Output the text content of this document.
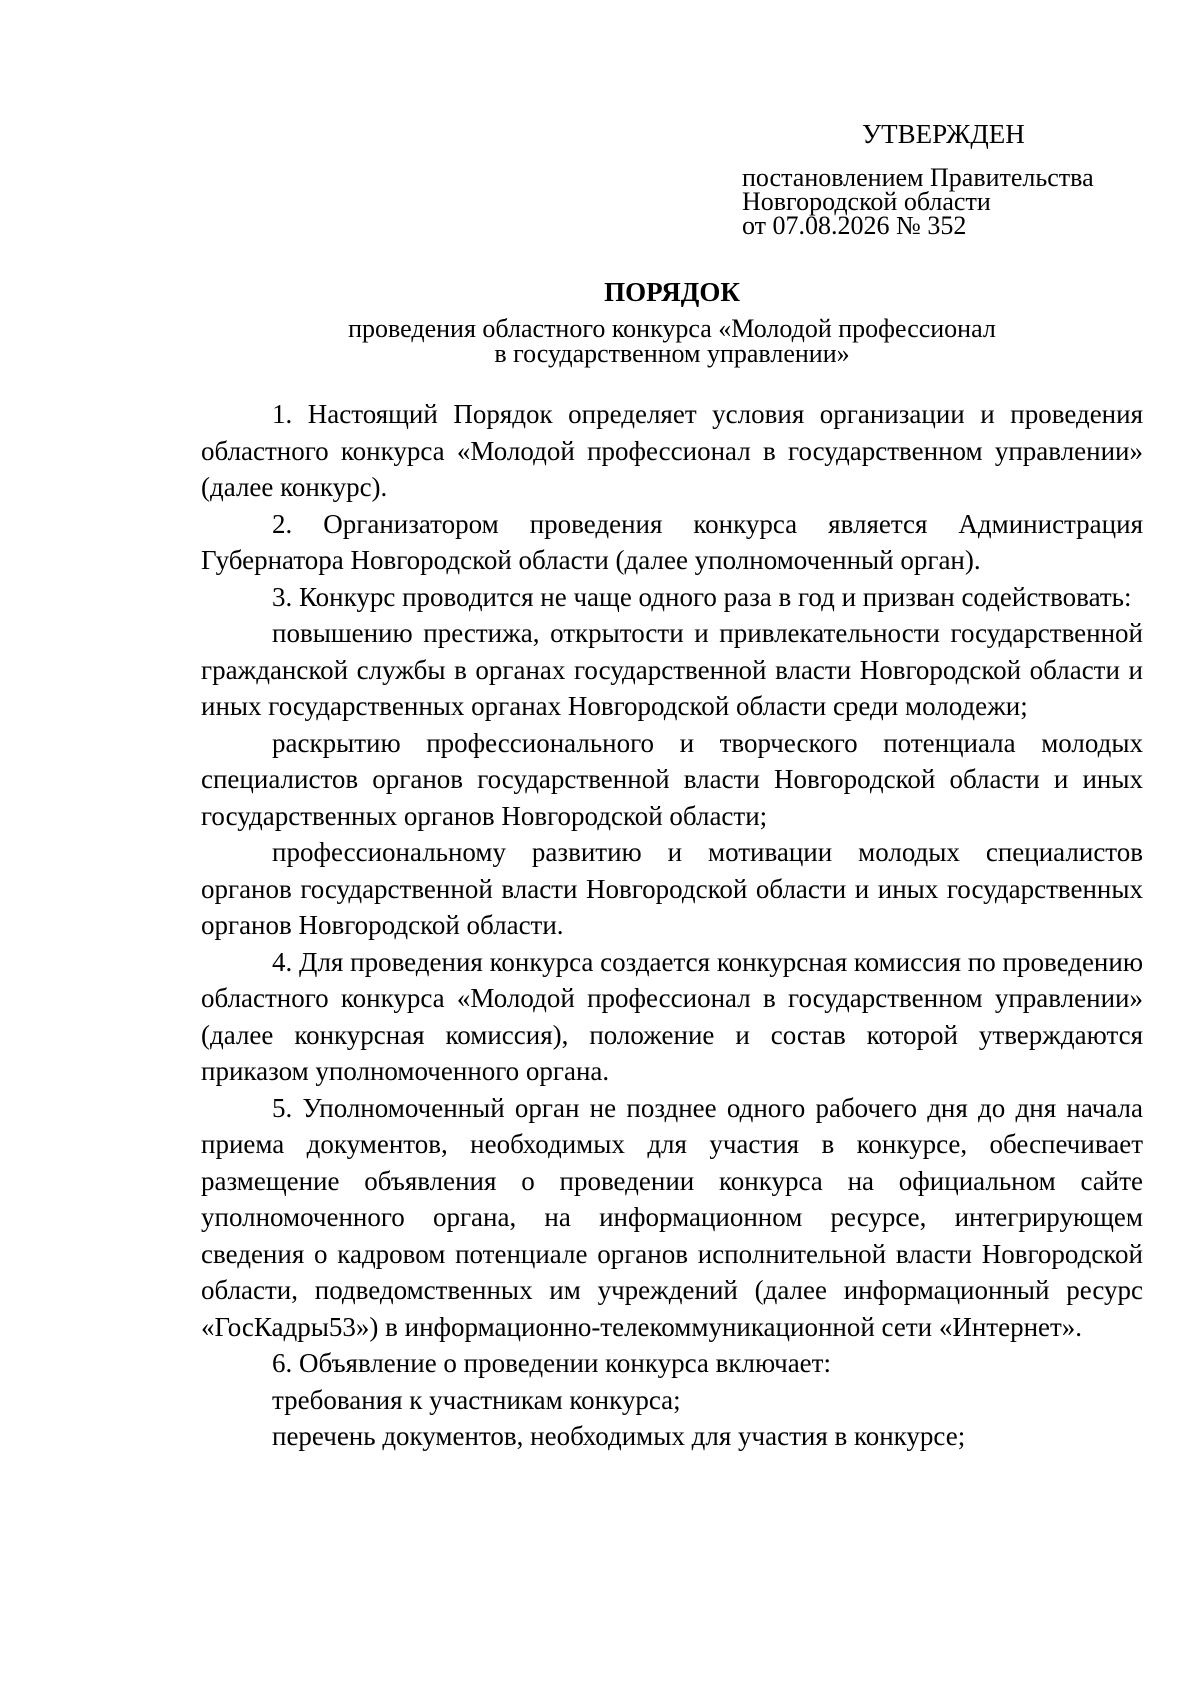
УТВЕРЖДЕН
постановлением Правительства
Новгородской области
от 07.08.2026 № 352
ПОРЯДОК
проведения областного конкурса «Молодой профессионал
в государственном управлении»

1. Настоящий Порядок определяет условия организации и проведения областного конкурса «Молодой профессионал в государственном управлении» (далее конкурс).

2. Организатором проведения конкурса является Администрация Губернатора Новгородской области (далее уполномоченный орган).

3. Конкурс проводится не чаще одного раза в год и призван содействовать:

повышению престижа, открытости и привлекательности государственной гражданской службы в органах государственной власти Новгородской области и иных государственных органах Новгородской области среди молодежи;

раскрытию профессионального и творческого потенциала молодых специалистов органов государственной власти Новгородской области и иных государственных органов Новгородской области;

профессиональному развитию и мотивации молодых специалистов органов государственной власти Новгородской области и иных государственных органов Новгородской области.

4. Для проведения конкурса создается конкурсная комиссия по проведению областного конкурса «Молодой профессионал в государственном управлении» (далее конкурсная комиссия), положение и состав которой утверждаются приказом уполномоченного органа.

5. Уполномоченный орган не позднее одного рабочего дня до дня начала приема документов, необходимых для участия в конкурсе, обеспечивает размещение объявления о проведении конкурса на официальном сайте уполномоченного органа, на информационном ресурсе, интегрирующем сведения о кадровом потенциале органов исполнительной власти Новгородской области, подведомственных им учреждений (далее информационный ресурс «ГосКадры53») в информационно-телекоммуникационной сети «Интернет».

6. Объявление о проведении конкурса включает:

требования к участникам конкурса;

перечень документов, необходимых для участия в конкурсе;
